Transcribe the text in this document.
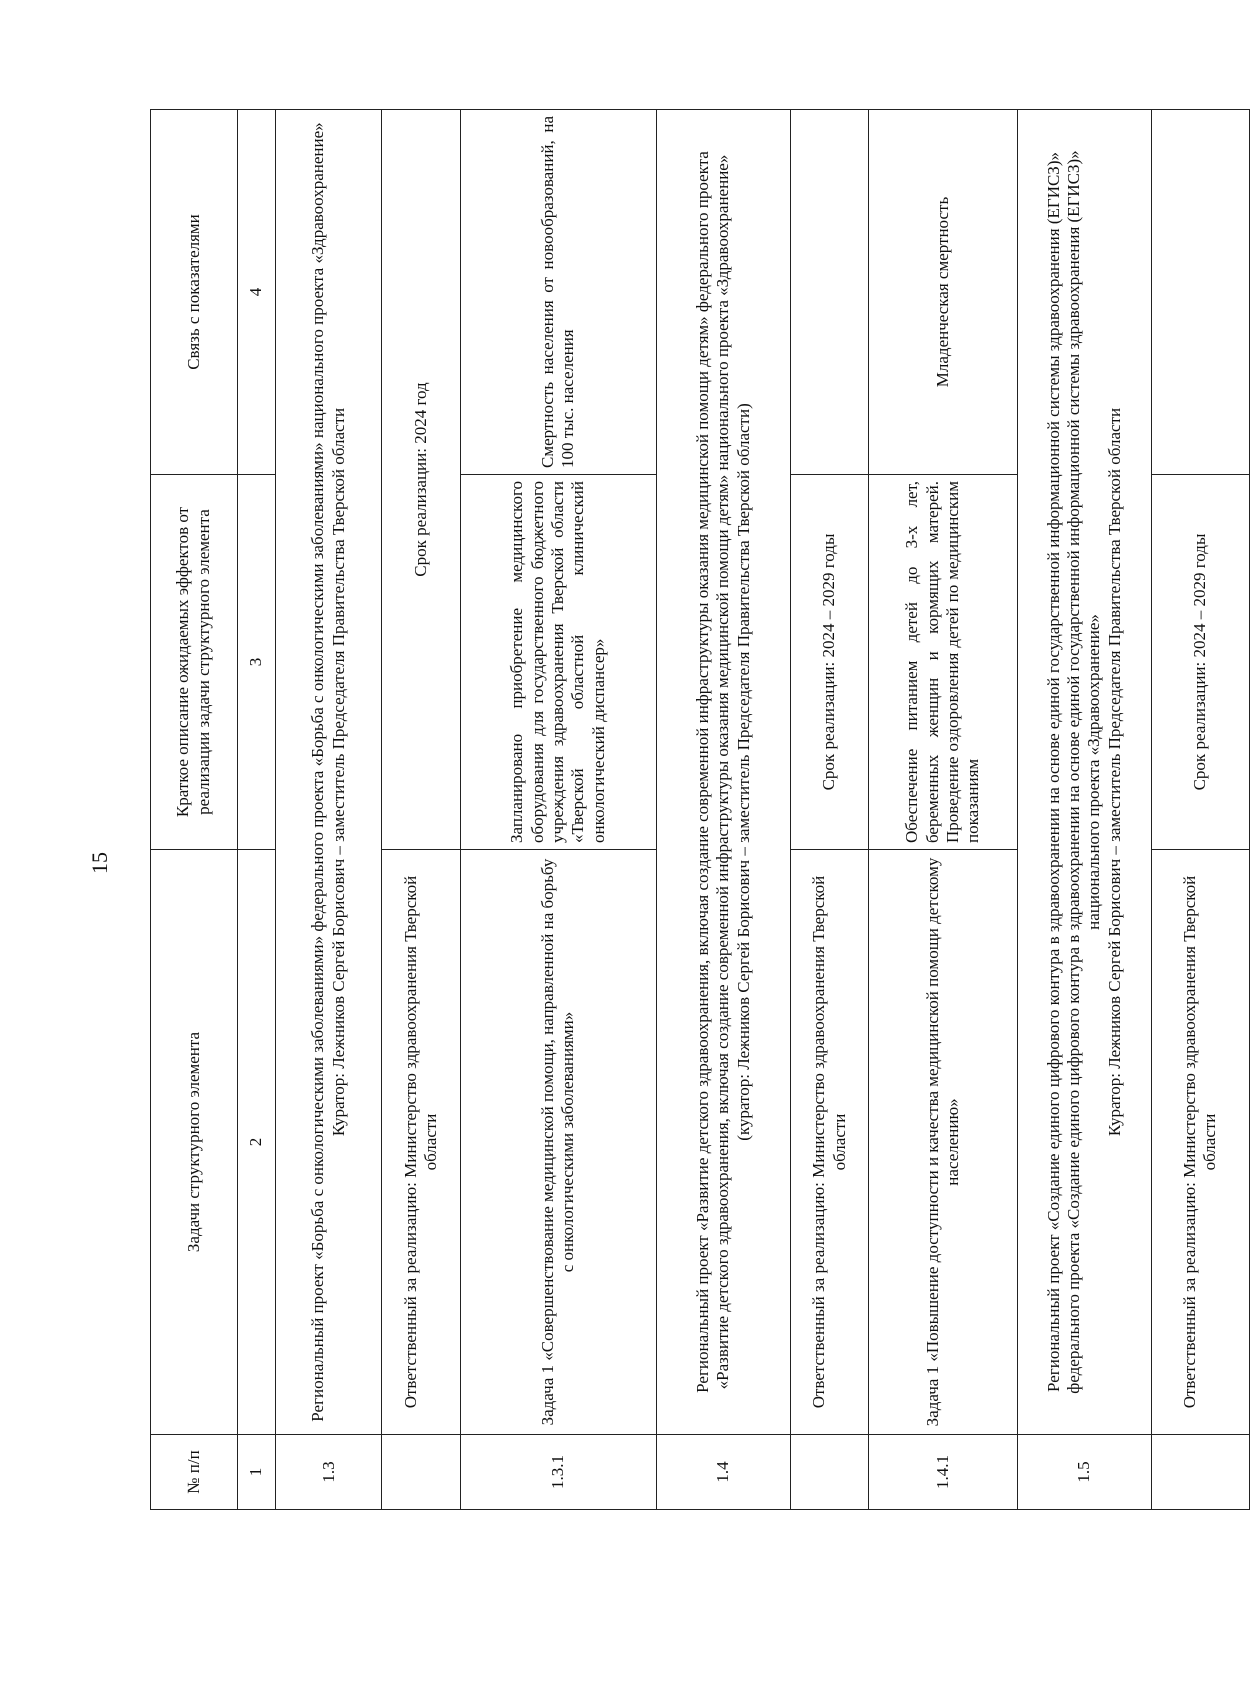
15
№ п/п	Задачи структурного элемента	Краткое описание ожидаемых эффектов от реализации задачи структурного элемента	Связь с показателями
1	2	3	4
1.3	Региональный проект «Борьба с онкологическими заболеваниями» федерального проекта «Борьба с онкологическими заболеваниями» национального проекта «Здравоохранение» Куратор: Лежников Сергей Борисович – заместитель Председателя Правительства Тверской области		

	Ответственный за реализацию: Министерство здравоохранения Тверской области	Срок реализации: 2024 год	
1.3.1	Задача 1 «Совершенствование медицинской помощи, направленной на борьбу с онкологическими заболеваниями»	Запланировано приобретение медицинского оборудования для государственного бюджетного учреждения здравоохранения Тверской области «Тверской областной клинический онкологический диспансер»	Смертность населения от новообразований, на 100 тыс. населения
1.4	Региональный проект «Развитие детского здравоохранения, включая создание современной инфраструктуры оказания медицинской помощи детям» федерального проекта «Развитие детского здравоохранения, включая создание современной инфраструктуры оказания медицинской помощи детям» национального проекта «Здравоохранение» (куратор: Лежников Сергей Борисович – заместитель Председателя Правительства Тверской области)		

	Ответственный за реализацию: Министерство здравоохранения Тверской области	Срок реализации: 2024 – 2029 годы	
1.4.1	Задача 1 «Повышение доступности и качества медицинской помощи детскому населению»	Обеспечение питанием детей до 3-х лет, беременных женщин и кормящих матерей. Проведение оздоровления детей по медицинским показаниям	Младенческая смертность
1.5	Региональный проект «Создание единого цифрового контура в здравоохранении на основе единой государственной информационной системы здравоохранения (ЕГИСЗ)» федерального проекта «Создание единого цифрового контура в здравоохранении на основе единой государственной информационной системы здравоохранения (ЕГИСЗ)» национального проекта «Здравоохранение» Куратор: Лежников Сергей Борисович – заместитель Председателя Правительства Тверской области		

	Ответственный за реализацию: Министерство здравоохранения Тверской области	Срок реализации: 2024 – 2029 годы	
